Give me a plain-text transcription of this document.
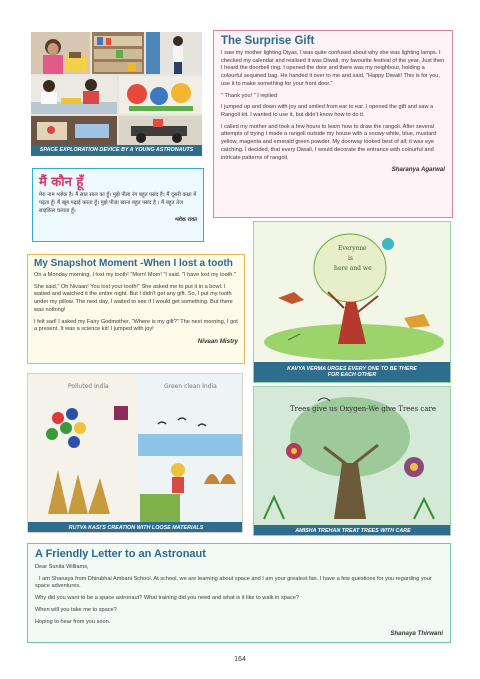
SPACE EXPLORATION DEVICE BY A YOUNG ASTRONAUTS
The Surprise Gift

I saw my mother lighting Diyas, I was quite confused about why she was lighting lamps. I checked my calendar and realised it was Diwali, my favourite festival of the year. Just then I heard the doorbell ring. I opened the door and there was my neighbour, holding a colourful sequined bag. He handed it over to me and said, "Happy Diwali! This is for you, use it to make something for your front door."

" Thank you! " I replied

I jumped up and down with joy and smiled from ear to ear. I opened the gift and saw a Rangoli kit. I wanted to use it, but didn't know how to do it.

I called my mother and took a few hours to learn how to draw the rangoli. After several attempts of trying I made a rangoli outside my house with a snowy white, blue, mustard yellow, magenta and emerald green powder. My doorway looked best of all; it was eye catching. I decided, that every Diwali, I would decorate the entrance with colourful and intricate patterns of rangoli.

Sharanya Agarwal
मैं कौन हूँ
मेरा नाम श्लोक है। मैं सात साल का हूँ। मुझे नीला रंग बहुत पसंद है। मैं दूसरी कक्षा में पढ़ता हूँ। मैं खूब पढ़ाई करता हूँ। मुझे पीज़ा खाना बहुत पसंद है । मैं बहुत तेज साइकिल चलाता हूँ।
श्लोक रावत
My Snapshot Moment -When I lost a tooth

On a Monday morning, I lost my tooth! "Mom! Mom! "I said. "I have lost my tooth."

She said," Oh Nivaan! You lost your tooth!" She asked me to put it in a bowl. I waited and watched it the entire night. But I didn't get any gift. So, I put my tooth under my pillow. The next day, I waited to see if I would get something. But there was nothing!

I felt sad! I asked my Fairy Godmother, "Where is my gift?" The next morning, I got a present. It was a science kit! I jumped with joy!

Nivaan Mistry
Everyone
is
here and we
KAVYA VERMA URGES EVERY ONE TO BE THERE FOR EACH OTHER
Polluted India	Green clean India
RUTVA KASI'S CREATION WITH LOOSE MATERIALS
Trees give us Oxygen-We give Trees care
AMISHA TREHAN TREAT TREES WITH CARE
A Friendly Letter to an Astronaut

Dear Sunita Williams,

I am Shanaya from Dhirubhai Ambani School. At school, we are learning about space and I am your greatest fan. I have a few questions for you regarding your space adventures.

Why did you want to be a space astronaut? What training did you need and what is it like to walk in space?

When will you take me to space?

Hoping to hear from you soon.

Shanaya Thirwani
164
